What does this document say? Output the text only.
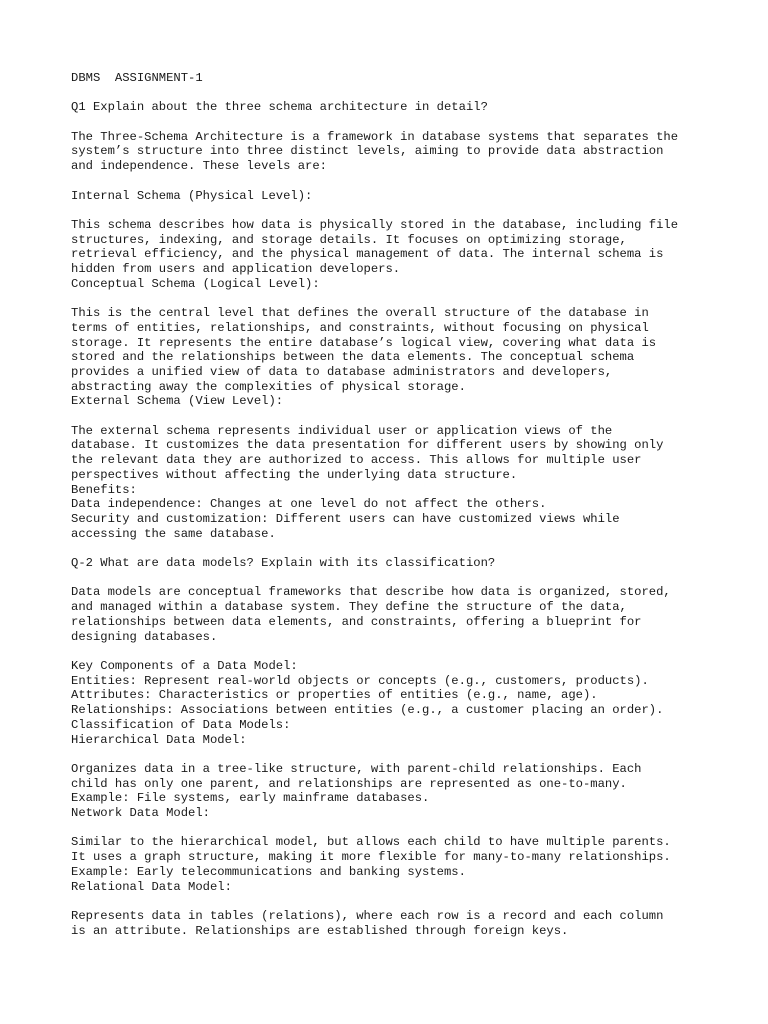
DBMS  ASSIGNMENT-1
Q1 Explain about the three schema architecture in detail?
The Three-Schema Architecture is a framework in database systems that separates the
system’s structure into three distinct levels, aiming to provide data abstraction
and independence. These levels are:
Internal Schema (Physical Level):
This schema describes how data is physically stored in the database, including file
structures, indexing, and storage details. It focuses on optimizing storage,
retrieval efficiency, and the physical management of data. The internal schema is
hidden from users and application developers.
Conceptual Schema (Logical Level):
This is the central level that defines the overall structure of the database in
terms of entities, relationships, and constraints, without focusing on physical
storage. It represents the entire database’s logical view, covering what data is
stored and the relationships between the data elements. The conceptual schema
provides a unified view of data to database administrators and developers,
abstracting away the complexities of physical storage.
External Schema (View Level):
The external schema represents individual user or application views of the
database. It customizes the data presentation for different users by showing only
the relevant data they are authorized to access. This allows for multiple user
perspectives without affecting the underlying data structure.
Benefits:
Data independence: Changes at one level do not affect the others.
Security and customization: Different users can have customized views while
accessing the same database.
Q-2 What are data models? Explain with its classification?
Data models are conceptual frameworks that describe how data is organized, stored,
and managed within a database system. They define the structure of the data,
relationships between data elements, and constraints, offering a blueprint for
designing databases.
Key Components of a Data Model:
Entities: Represent real-world objects or concepts (e.g., customers, products).
Attributes: Characteristics or properties of entities (e.g., name, age).
Relationships: Associations between entities (e.g., a customer placing an order).
Classification of Data Models:
Hierarchical Data Model:
Organizes data in a tree-like structure, with parent-child relationships. Each
child has only one parent, and relationships are represented as one-to-many.
Example: File systems, early mainframe databases.
Network Data Model:
Similar to the hierarchical model, but allows each child to have multiple parents.
It uses a graph structure, making it more flexible for many-to-many relationships.
Example: Early telecommunications and banking systems.
Relational Data Model:
Represents data in tables (relations), where each row is a record and each column
is an attribute. Relationships are established through foreign keys.
